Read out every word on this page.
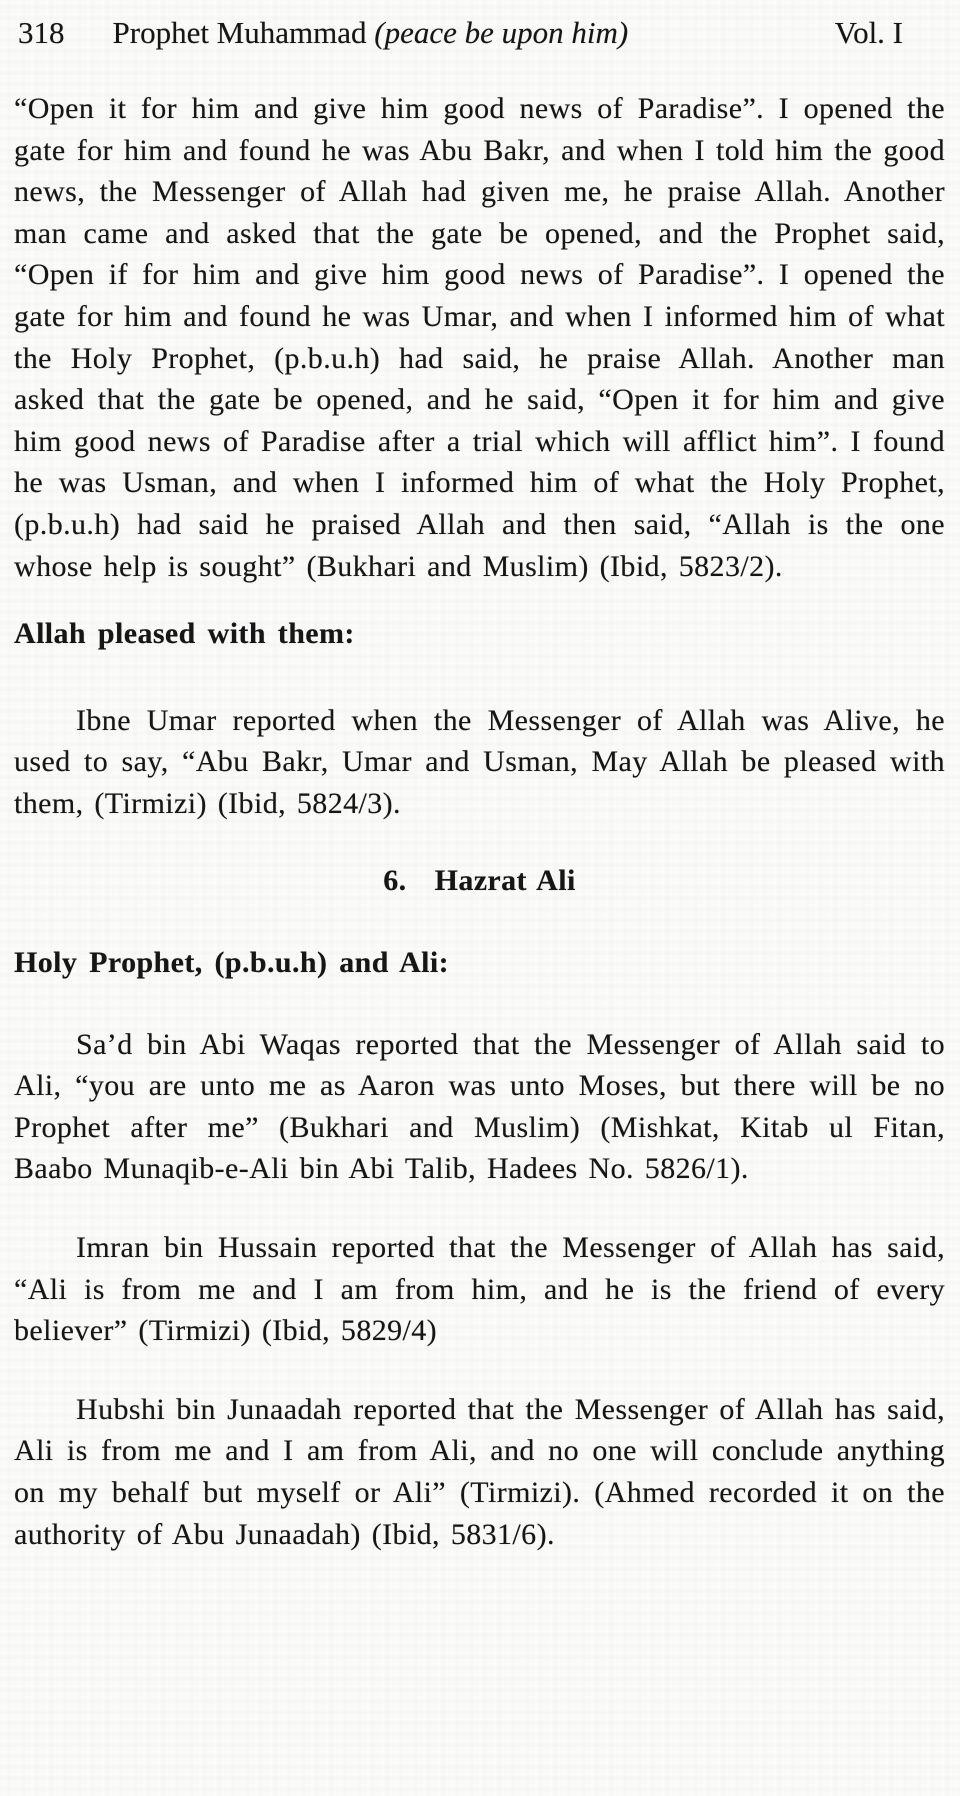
318 Prophet Muhammad (peace be upon him)	Vol. I

“Open it for him and give him good news of Paradise”. I opened the gate for him and found he was Abu Bakr, and when I told him the good news, the Messenger of Allah had given me, he praise Allah. Another man came and asked that the gate be opened, and the Prophet said, “Open if for him and give him good news of Paradise”. I opened the gate for him and found he was Umar, and when I informed him of what the Holy Prophet, (p.b.u.h) had said, he praise Allah. Another man asked that the gate be opened, and he said, “Open it for him and give him good news of Paradise after a trial which will afflict him”. I found he was Usman, and when I informed him of what the Holy Prophet, (p.b.u.h) had said he praised Allah and then said, “Allah is the one whose help is sought” (Bukhari and Muslim) (Ibid, 5823/2).

Allah pleased with them:

Ibne Umar reported when the Messenger of Allah was Alive, he used to say, “Abu Bakr, Umar and Usman, May Allah be pleased with them, (Tirmizi) (Ibid, 5824/3).

6. Hazrat Ali

Holy Prophet, (p.b.u.h) and Ali:

Sa’d bin Abi Waqas reported that the Messenger of Allah said to Ali, “you are unto me as Aaron was unto Moses, but there will be no Prophet after me” (Bukhari and Muslim) (Mishkat, Kitab ul Fitan, Baabo Munaqib-e-Ali bin Abi Talib, Hadees No. 5826/1).

Imran bin Hussain reported that the Messenger of Allah has said, “Ali is from me and I am from him, and he is the friend of every believer” (Tirmizi) (Ibid, 5829/4)

Hubshi bin Junaadah reported that the Messenger of Allah has said, Ali is from me and I am from Ali, and no one will conclude anything on my behalf but myself or Ali” (Tirmizi). (Ahmed recorded it on the authority of Abu Junaadah) (Ibid, 5831/6).
